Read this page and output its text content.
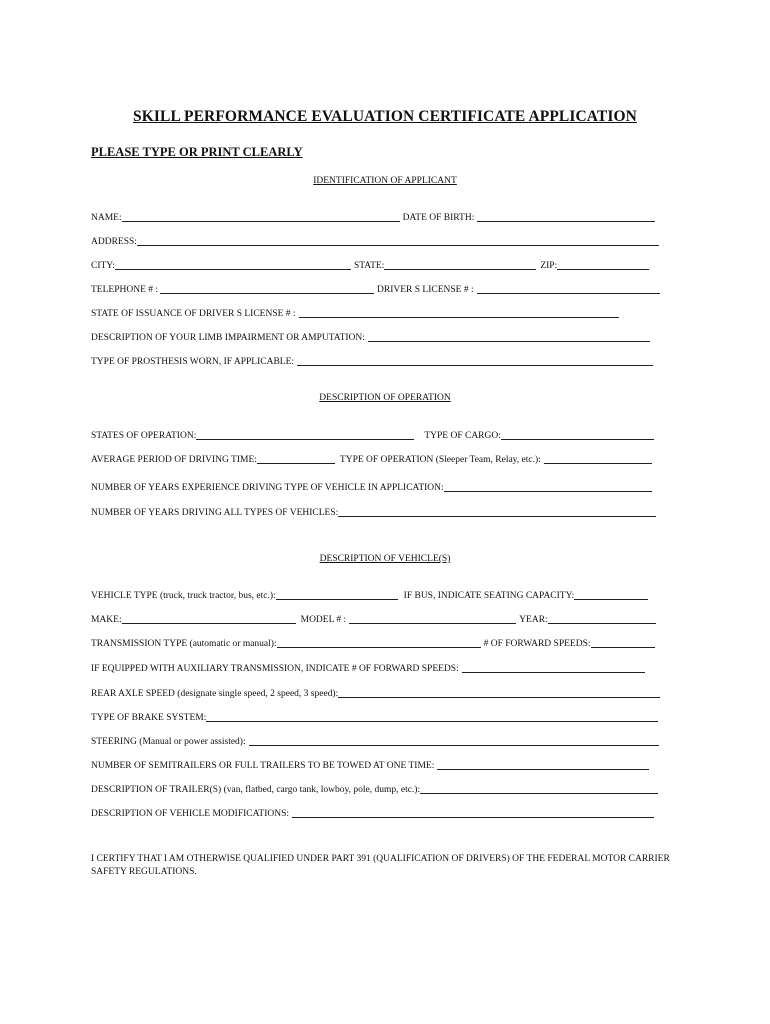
SKILL PERFORMANCE EVALUATION CERTIFICATE APPLICATION
PLEASE TYPE OR PRINT CLEARLY
IDENTIFICATION OF APPLICANT
NAME:	DATE OF BIRTH:
ADDRESS:
CITY:	STATE:	ZIP:
TELEPHONE # :	DRIVER S LICENSE # :
STATE OF ISSUANCE OF DRIVER S LICENSE # :
DESCRIPTION OF YOUR LIMB IMPAIRMENT OR AMPUTATION:
TYPE OF PROSTHESIS WORN, IF APPLICABLE:
DESCRIPTION OF OPERATION
STATES OF OPERATION:	TYPE OF CARGO:
AVERAGE PERIOD OF DRIVING TIME:	TYPE OF OPERATION (Sleeper Team, Relay, etc.):
NUMBER OF YEARS EXPERIENCE DRIVING TYPE OF VEHICLE IN APPLICATION:
NUMBER OF YEARS DRIVING ALL TYPES OF VEHICLES:
DESCRIPTION OF VEHICLE(S)
VEHICLE TYPE (truck, truck tractor, bus, etc.):	IF BUS, INDICATE SEATING CAPACITY:
MAKE:	MODEL # :	YEAR:
TRANSMISSION TYPE (automatic or manual):	# OF FORWARD SPEEDS:
IF EQUIPPED WITH AUXILIARY TRANSMISSION, INDICATE # OF FORWARD SPEEDS:
REAR AXLE SPEED (designate single speed, 2 speed, 3 speed):
TYPE OF BRAKE SYSTEM:
STEERING (Manual or power assisted):
NUMBER OF SEMITRAILERS OR FULL TRAILERS TO BE TOWED AT ONE TIME:
DESCRIPTION OF TRAILER(S) (van, flatbed, cargo tank, lowboy, pole, dump, etc.):
DESCRIPTION OF VEHICLE MODIFICATIONS:
I CERTIFY THAT I AM OTHERWISE QUALIFIED UNDER PART 391 (QUALIFICATION OF DRIVERS) OF THE FEDERAL MOTOR CARRIER SAFETY REGULATIONS.
